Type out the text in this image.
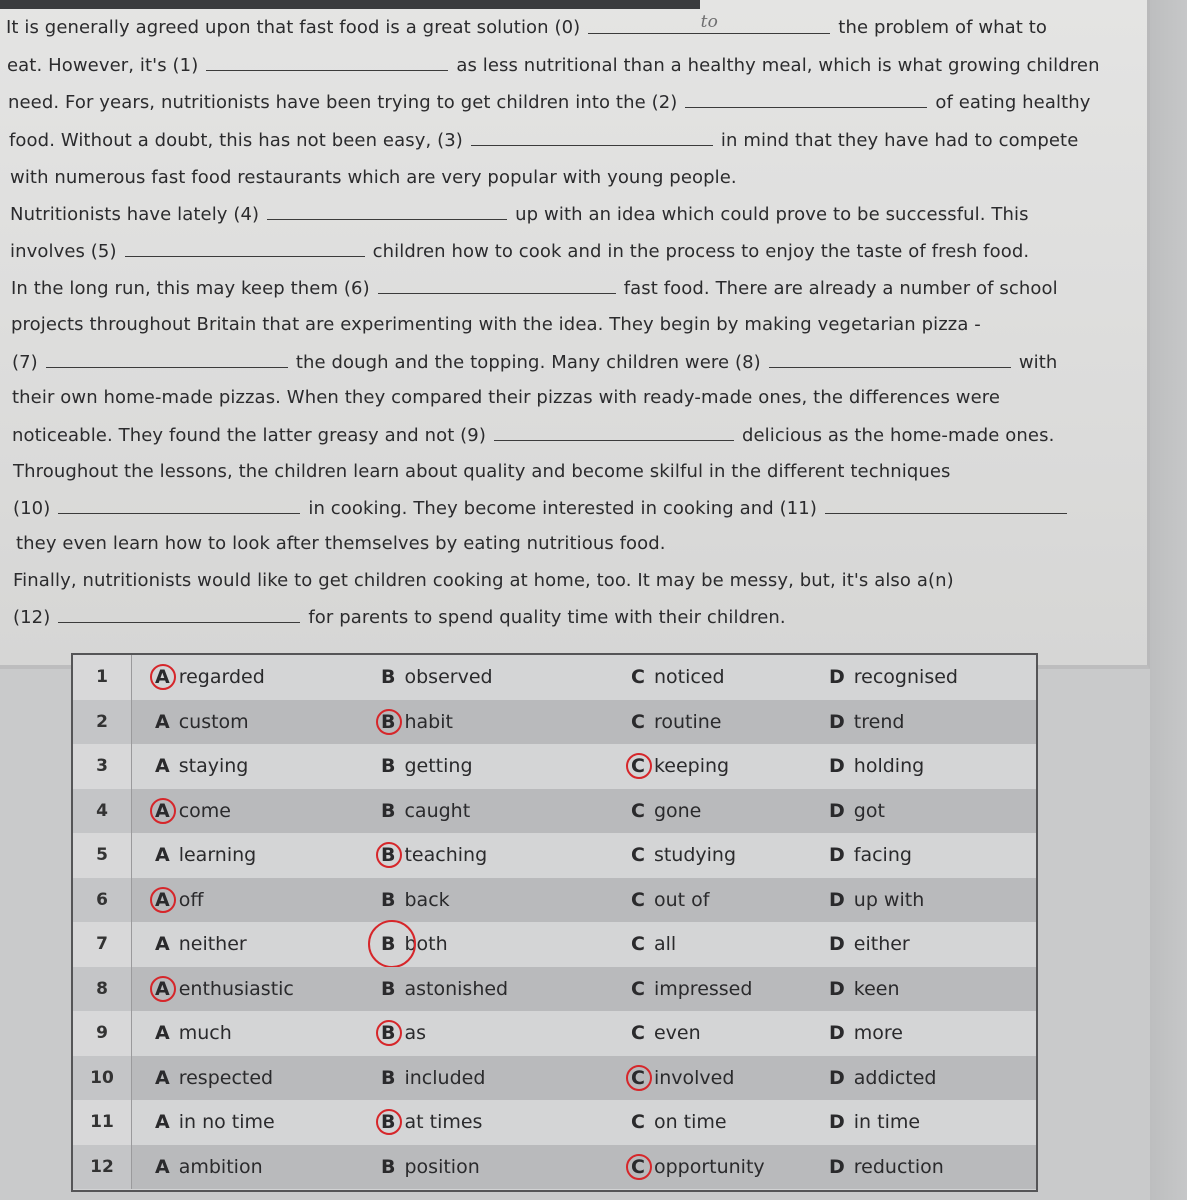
It is generally agreed upon that fast food is a great solution (0)	to	the problem of what to
eat. However, it's (1)	as less nutritional than a healthy meal, which is what growing children
need. For years, nutritionists have been trying to get children into the (2)	of eating healthy
food. Without a doubt, this has not been easy, (3)	in mind that they have had to compete
with numerous fast food restaurants which are very popular with young people.
Nutritionists have lately (4)	up with an idea which could prove to be successful. This
involves (5)	children how to cook and in the process to enjoy the taste of fresh food.
In the long run, this may keep them (6)	fast food. There are already a number of school
projects throughout Britain that are experimenting with the idea. They begin by making vegetarian pizza -
(7)	the dough and the topping. Many children were (8)	with
their own home-made pizzas. When they compared their pizzas with ready-made ones, the differences were
noticeable. They found the latter greasy and not (9)	delicious as the home-made ones.
Throughout the lessons, the children learn about quality and become skilful in the different techniques
(10)	in cooking. They become interested in cooking and (11)
they even learn how to look after themselves by eating nutritious food.
Finally, nutritionists would like to get children cooking at home, too. It may be messy, but, it's also a(n)
(12)	for parents to spend quality time with their children.
1	A regarded	B observed	C noticed	D recognised
2	A custom	B habit	C routine	D trend
3	A staying	B getting	C keeping	D holding
4	A come	B caught	C gone	D got
5	A learning	B teaching	C studying	D facing
6	A off	B back	C out of	D up with
7	A neither	B both	C all	D either
8	A enthusiastic	B astonished	C impressed	D keen
9	A much	B as	C even	D more
10	A respected	B included	C involved	D addicted
11	A in no time	B at times	C on time	D in time
12	A ambition	B position	C opportunity	D reduction
